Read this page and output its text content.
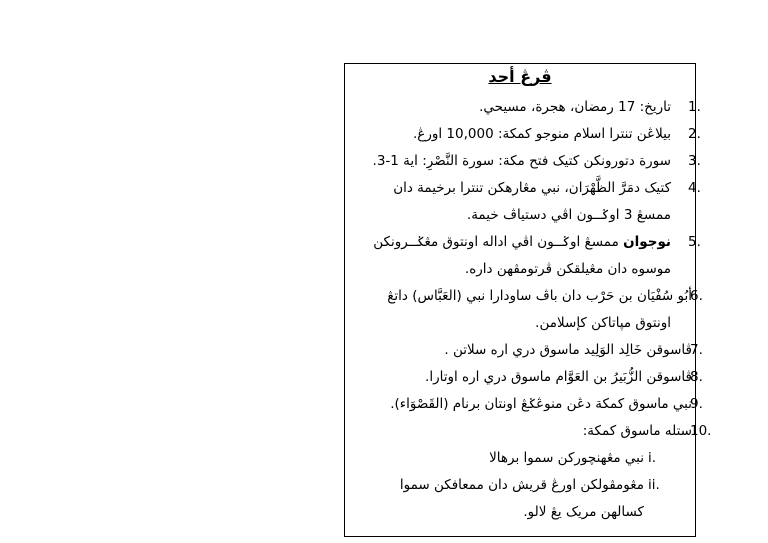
ڤرڠ أحد
1.
تاريخ: 17 رمضان، هجرة، مسيحي.
2.
بيلاڠن تنترا اسلام منوجو كمكة: 10,000 اورڠ.
3.
سورة دتورونكن كتيک فتح مكة: سورة النَّصْرِ: اية 1-3.
4.
كتيک دمَرَّ الظَّهْرَان، نبي مڠارهكن تنترا برخيمة دان
ممسڠ 3 اوݢــون اڤي دستياڤ خيمة.
5.
نوجوان ممسڠ اوݢــون اڤي اداله اونتوق مڠݢــرونكن
موسوه دان مڠيلقكن ڤرتومڤهن داره.
6.
أبُو سُفْيَان بن حَرْب دان باڤ ساودارا نبي (العَبَّاس) داتڠ
اونتوق مپاتاكن كإسلامن.
7.
ڤاسوقن خَالِد الوَلِيد ماسوق دري اره سلاتن .
8.
ڤاسوقن الزُّبَيرُ بن العَوَّام ماسوق دري اره اوتارا.
9.
نبي ماسوق كمكة دڠن منوڠݢڠ اونتان برنام (القَصْوَاء).
10.
ستله ماسوق كمكة:
i.
نبي مڠهنچوركن سموا برهالا
ii.
مڠومڤولكن اورڠ قريش دان ممعافكن سموا
كسالهن مريک يڠ لالو.
